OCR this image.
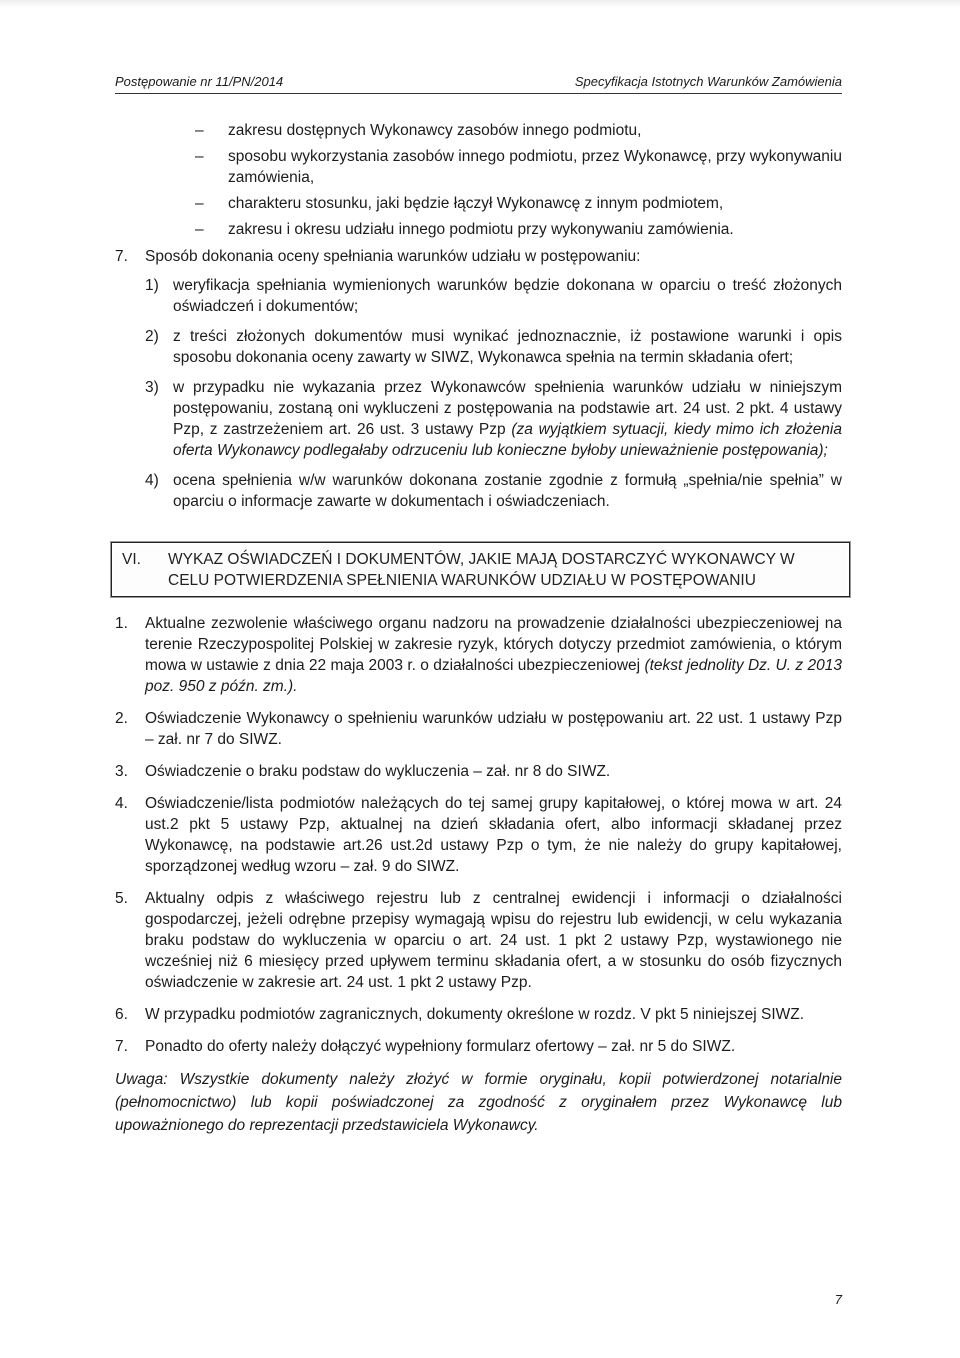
Postępowanie nr 11/PN/2014	Specyfikacja Istotnych Warunków Zamówienia
–	zakresu dostępnych Wykonawcy zasobów innego podmiotu,
–	sposobu wykorzystania zasobów innego podmiotu, przez Wykonawcę, przy wykonywaniu zamówienia,
–	charakteru stosunku, jaki będzie łączył Wykonawcę z innym podmiotem,
–	zakresu i okresu udziału innego podmiotu przy wykonywaniu zamówienia.
7.	Sposób dokonania oceny spełniania warunków udziału w postępowaniu:
1) weryfikacja spełniania wymienionych warunków będzie dokonana w oparciu o treść złożonych oświadczeń i dokumentów;
2) z treści złożonych dokumentów musi wynikać jednoznacznie, iż postawione warunki i opis sposobu dokonania oceny zawarty w SIWZ, Wykonawca spełnia na termin składania ofert;
3) w przypadku nie wykazania przez Wykonawców spełnienia warunków udziału w niniejszym postępowaniu, zostaną oni wykluczeni z postępowania na podstawie art. 24 ust. 2 pkt. 4 ustawy Pzp, z zastrzeżeniem art. 26 ust. 3 ustawy Pzp (za wyjątkiem sytuacji, kiedy mimo ich złożenia oferta Wykonawcy podlegałaby odrzuceniu lub konieczne byłoby unieważnienie postępowania);
4) ocena spełnienia w/w warunków dokonana zostanie zgodnie z formułą „spełnia/nie spełnia” w oparciu o informacje zawarte w dokumentach i oświadczeniach.
VI.	WYKAZ OŚWIADCZEŃ I DOKUMENTÓW, JAKIE MAJĄ DOSTARCZYĆ WYKONAWCY W CELU POTWIERDZENIA SPEŁNIENIA WARUNKÓW UDZIAŁU W POSTĘPOWANIU
1.	Aktualne zezwolenie właściwego organu nadzoru na prowadzenie działalności ubezpieczeniowej na terenie Rzeczypospolitej Polskiej w zakresie ryzyk, których dotyczy przedmiot zamówienia, o którym mowa w ustawie z dnia 22 maja 2003 r. o działalności ubezpieczeniowej (tekst jednolity Dz. U. z 2013 poz. 950 z późn. zm.).
2.	Oświadczenie Wykonawcy o spełnieniu warunków udziału w postępowaniu art. 22 ust. 1 ustawy Pzp – zał. nr 7 do SIWZ.
3.	Oświadczenie o braku podstaw do wykluczenia – zał. nr 8 do SIWZ.
4.	Oświadczenie/lista podmiotów należących do tej samej grupy kapitałowej, o której mowa w art. 24 ust.2 pkt 5 ustawy Pzp, aktualnej na dzień składania ofert, albo informacji składanej przez Wykonawcę, na podstawie art.26 ust.2d ustawy Pzp o tym, że nie należy do grupy kapitałowej, sporządzonej według wzoru – zał. 9 do SIWZ.
5.	Aktualny odpis z właściwego rejestru lub z centralnej ewidencji i informacji o działalności gospodarczej, jeżeli odrębne przepisy wymagają wpisu do rejestru lub ewidencji, w celu wykazania braku podstaw do wykluczenia w oparciu o art. 24 ust. 1 pkt 2 ustawy Pzp, wystawionego nie wcześniej niż 6 miesięcy przed upływem terminu składania ofert, a w stosunku do osób fizycznych oświadczenie w zakresie art. 24 ust. 1 pkt 2 ustawy Pzp.
6.	W przypadku podmiotów zagranicznych, dokumenty określone w rozdz. V pkt 5 niniejszej SIWZ.
7.	Ponadto do oferty należy dołączyć wypełniony formularz ofertowy – zał. nr 5 do SIWZ.
Uwaga: Wszystkie dokumenty należy złożyć w formie oryginału, kopii potwierdzonej notarialnie (pełnomocnictwo) lub kopii poświadczonej za zgodność z oryginałem przez Wykonawcę lub upoważnionego do reprezentacji przedstawiciela Wykonawcy.
7
